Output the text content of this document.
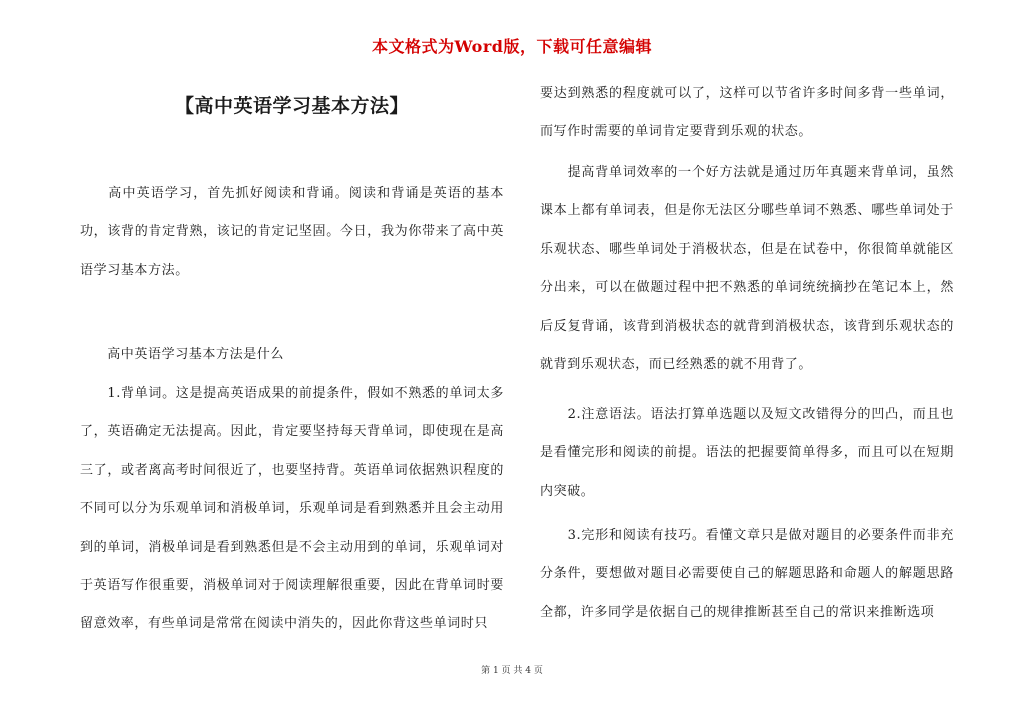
本文格式为Word版，下载可任意编辑
【高中英语学习基本方法】

　　高中英语学习，首先抓好阅读和背诵。阅读和背诵是英语的基本功，该背的肯定背熟，该记的肯定记坚固。今日，我为你带来了高中英语学习基本方法。

　　高中英语学习基本方法是什么

　　1.背单词。这是提高英语成果的前提条件，假如不熟悉的单词太多了，英语确定无法提高。因此，肯定要坚持每天背单词，即使现在是高三了，或者离高考时间很近了，也要坚持背。英语单词依据熟识程度的不同可以分为乐观单词和消极单词，乐观单词是看到熟悉并且会主动用到的单词，消极单词是看到熟悉但是不会主动用到的单词，乐观单词对于英语写作很重要，消极单词对于阅读理解很重要，因此在背单词时要留意效率，有些单词是常常在阅读中消失的，因此你背这些单词时只

要达到熟悉的程度就可以了，这样可以节省许多时间多背一些单词，而写作时需要的单词肯定要背到乐观的状态。

　　提高背单词效率的一个好方法就是通过历年真题来背单词，虽然课本上都有单词表，但是你无法区分哪些单词不熟悉、哪些单词处于乐观状态、哪些单词处于消极状态，但是在试卷中，你很简单就能区分出来，可以在做题过程中把不熟悉的单词统统摘抄在笔记本上，然后反复背诵，该背到消极状态的就背到消极状态，该背到乐观状态的就背到乐观状态，而已经熟悉的就不用背了。

　　2.注意语法。语法打算单选题以及短文改错得分的凹凸，而且也是看懂完形和阅读的前提。语法的把握要简单得多，而且可以在短期内突破。

　　3.完形和阅读有技巧。看懂文章只是做对题目的必要条件而非充分条件，要想做对题目必需要使自己的解题思路和命题人的解题思路全都，许多同学是依据自己的规律推断甚至自己的常识来推断选项

第 1 页 共 4 页
